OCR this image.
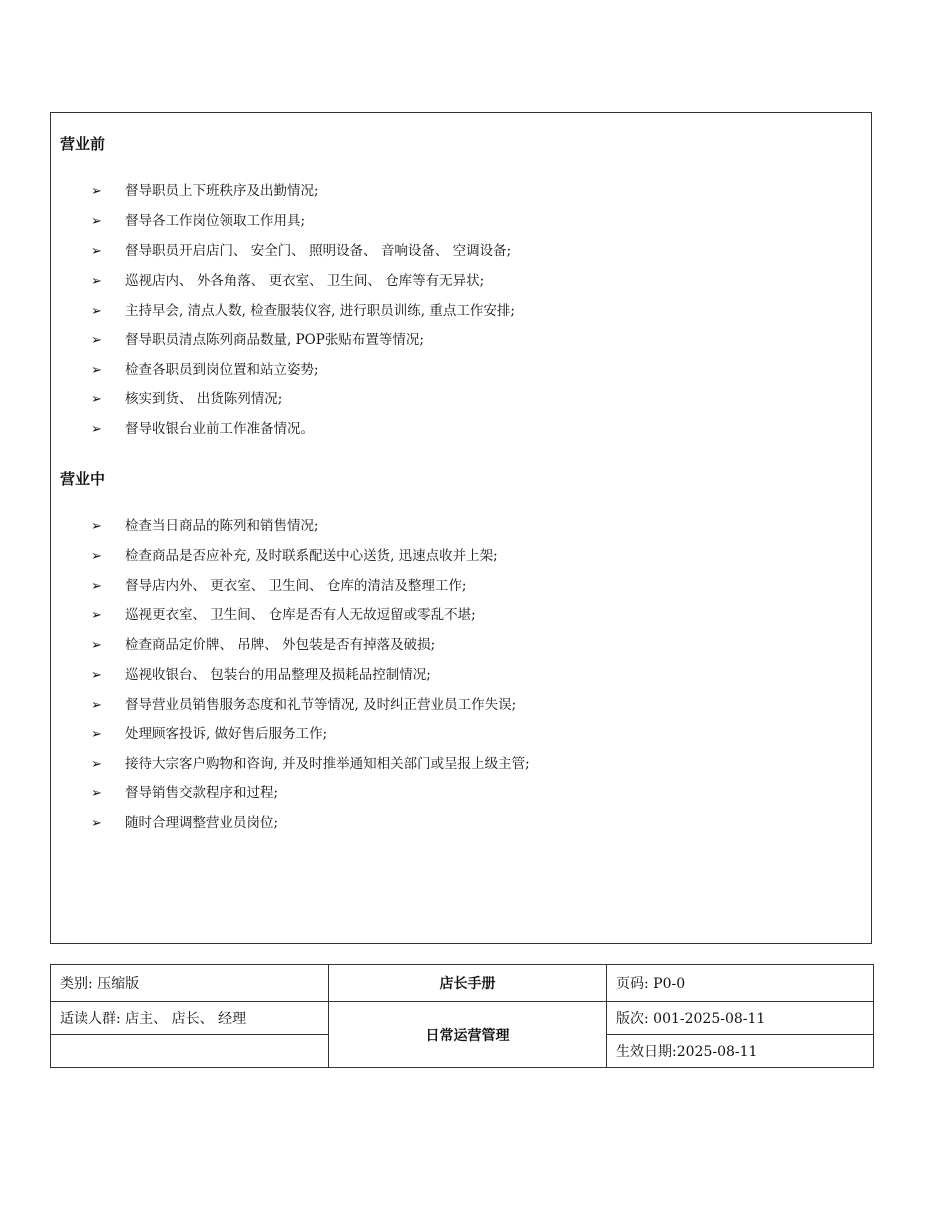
营业前
➢ 督导职员上下班秩序及出勤情况;
➢ 督导各工作岗位领取工作用具;
➢ 督导职员开启店门、 安全门、 照明设备、 音响设备、 空调设备;
➢ 巡视店内、 外各角落、 更衣室、 卫生间、 仓库等有无异状;
➢ 主持早会, 清点人数, 检查服装仪容, 进行职员训练, 重点工作安排;
➢ 督导职员清点陈列商品数量, POP张贴布置等情况;
➢ 检查各职员到岗位置和站立姿势;
➢ 核实到货、 出货陈列情况;
➢ 督导收银台业前工作准备情况。
营业中
➢ 检查当日商品的陈列和销售情况;
➢ 检查商品是否应补充, 及时联系配送中心送货, 迅速点收并上架;
➢ 督导店内外、 更衣室、 卫生间、 仓库的清洁及整理工作;
➢ 巡视更衣室、 卫生间、 仓库是否有人无故逗留或零乱不堪;
➢ 检查商品定价牌、 吊牌、 外包装是否有掉落及破损;
➢ 巡视收银台、 包装台的用品整理及损耗品控制情况;
➢ 督导营业员销售服务态度和礼节等情况, 及时纠正营业员工作失误;
➢ 处理顾客投诉, 做好售后服务工作;
➢ 接待大宗客户购物和咨询, 并及时推举通知相关部门或呈报上级主管;
➢ 督导销售交款程序和过程;
➢ 随时合理调整营业员岗位;
类别: 压缩版	店长手册	页码: P0-0
适读人群: 店主、 店长、 经理	日常运营管理	版次: 001-2025-08-11
		生效日期:2025-08-11
